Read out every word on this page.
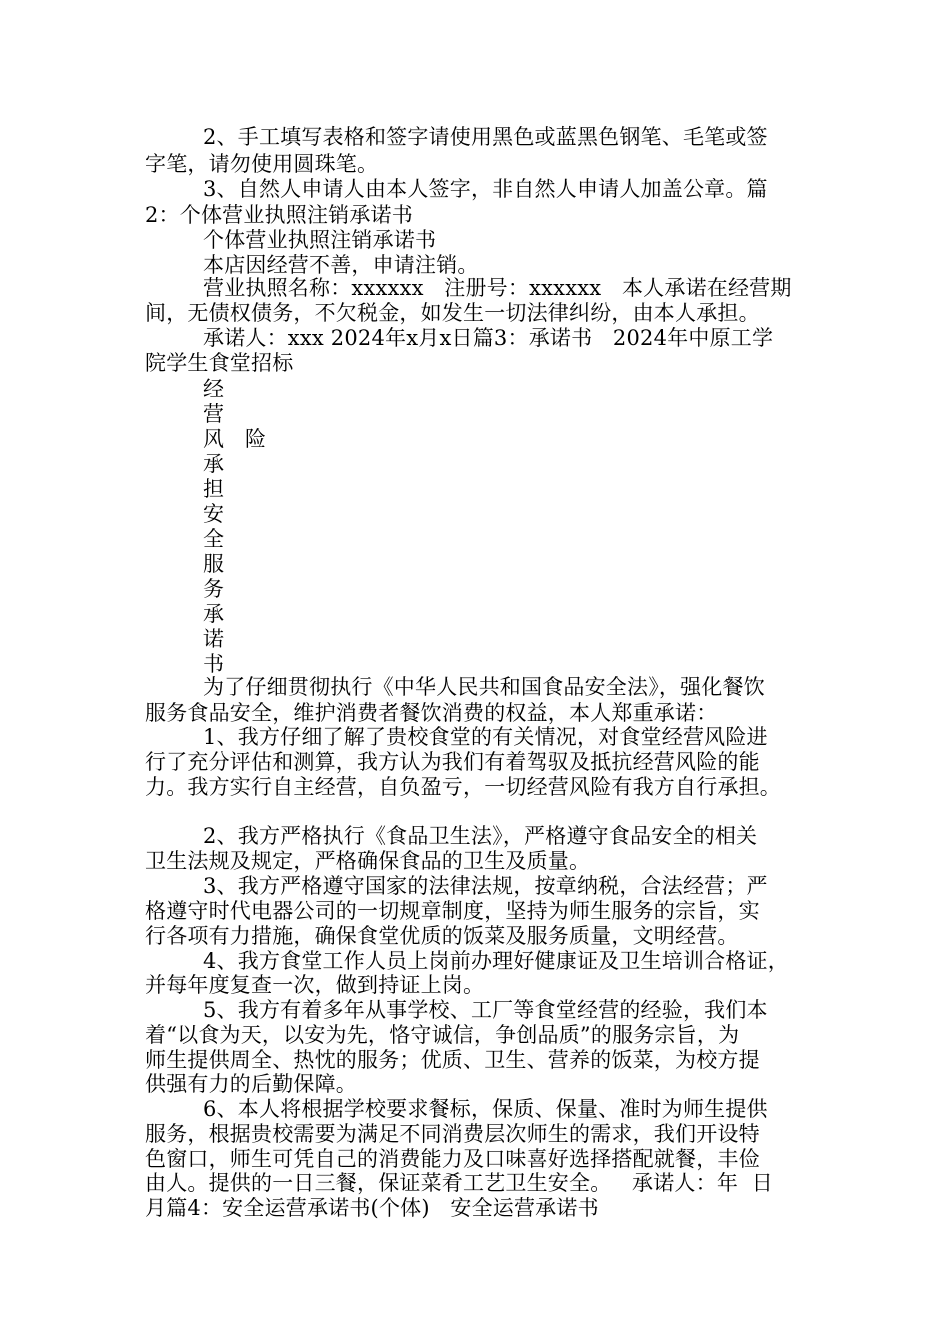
2、手工填写表格和签字请使用黑色或蓝黑色钢笔、毛笔或签
字笔，请勿使用圆珠笔。
3、自然人申请人由本人签字，非自然人申请人加盖公章。篇
2：个体营业执照注销承诺书
个体营业执照注销承诺书
本店因经营不善，申请注销。
营业执照名称：xxxxxx   注册号：xxxxxx   本人承诺在经营期
间，无债权债务，不欠税金，如发生一切法律纠纷，由本人承担。
承诺人：xxx 2024年x月x日篇3：承诺书   2024年中原工学
院学生食堂招标
经
营
风 险
承
担
安
全
服
务
承
诺
书
为了仔细贯彻执行《中华人民共和国食品安全法》，强化餐饮
服务食品安全，维护消费者餐饮消费的权益，本人郑重承诺：
1、我方仔细了解了贵校食堂的有关情况，对食堂经营风险进
行了充分评估和测算，我方认为我们有着驾驭及抵抗经营风险的能
力。我方实行自主经营，自负盈亏，一切经营风险有我方自行承担。
2、我方严格执行《食品卫生法》，严格遵守食品安全的相关
卫生法规及规定，严格确保食品的卫生及质量。
3、我方严格遵守国家的法律法规，按章纳税，合法经营；严
格遵守时代电器公司的一切规章制度，坚持为师生服务的宗旨，实
行各项有力措施，确保食堂优质的饭菜及服务质量，文明经营。
4、我方食堂工作人员上岗前办理好健康证及卫生培训合格证，
并每年度复查一次，做到持证上岗。
5、我方有着多年从事学校、工厂等食堂经营的经验，我们本
着“以食为天，以安为先，恪守诚信，争创品质”的服务宗旨，为
师生提供周全、热忱的服务；优质、卫生、营养的饭菜，为校方提
供强有力的后勤保障。
6、本人将根据学校要求餐标，保质、保量、准时为师生提供
服务，根据贵校需要为满足不同消费层次师生的需求，我们开设特
色窗口，师生可凭自己的消费能力及口味喜好选择搭配就餐，丰俭
由人。提供的一日三餐，保证菜肴工艺卫生安全。   承诺人：年  日
月篇4：安全运营承诺书(个体)   安全运营承诺书
